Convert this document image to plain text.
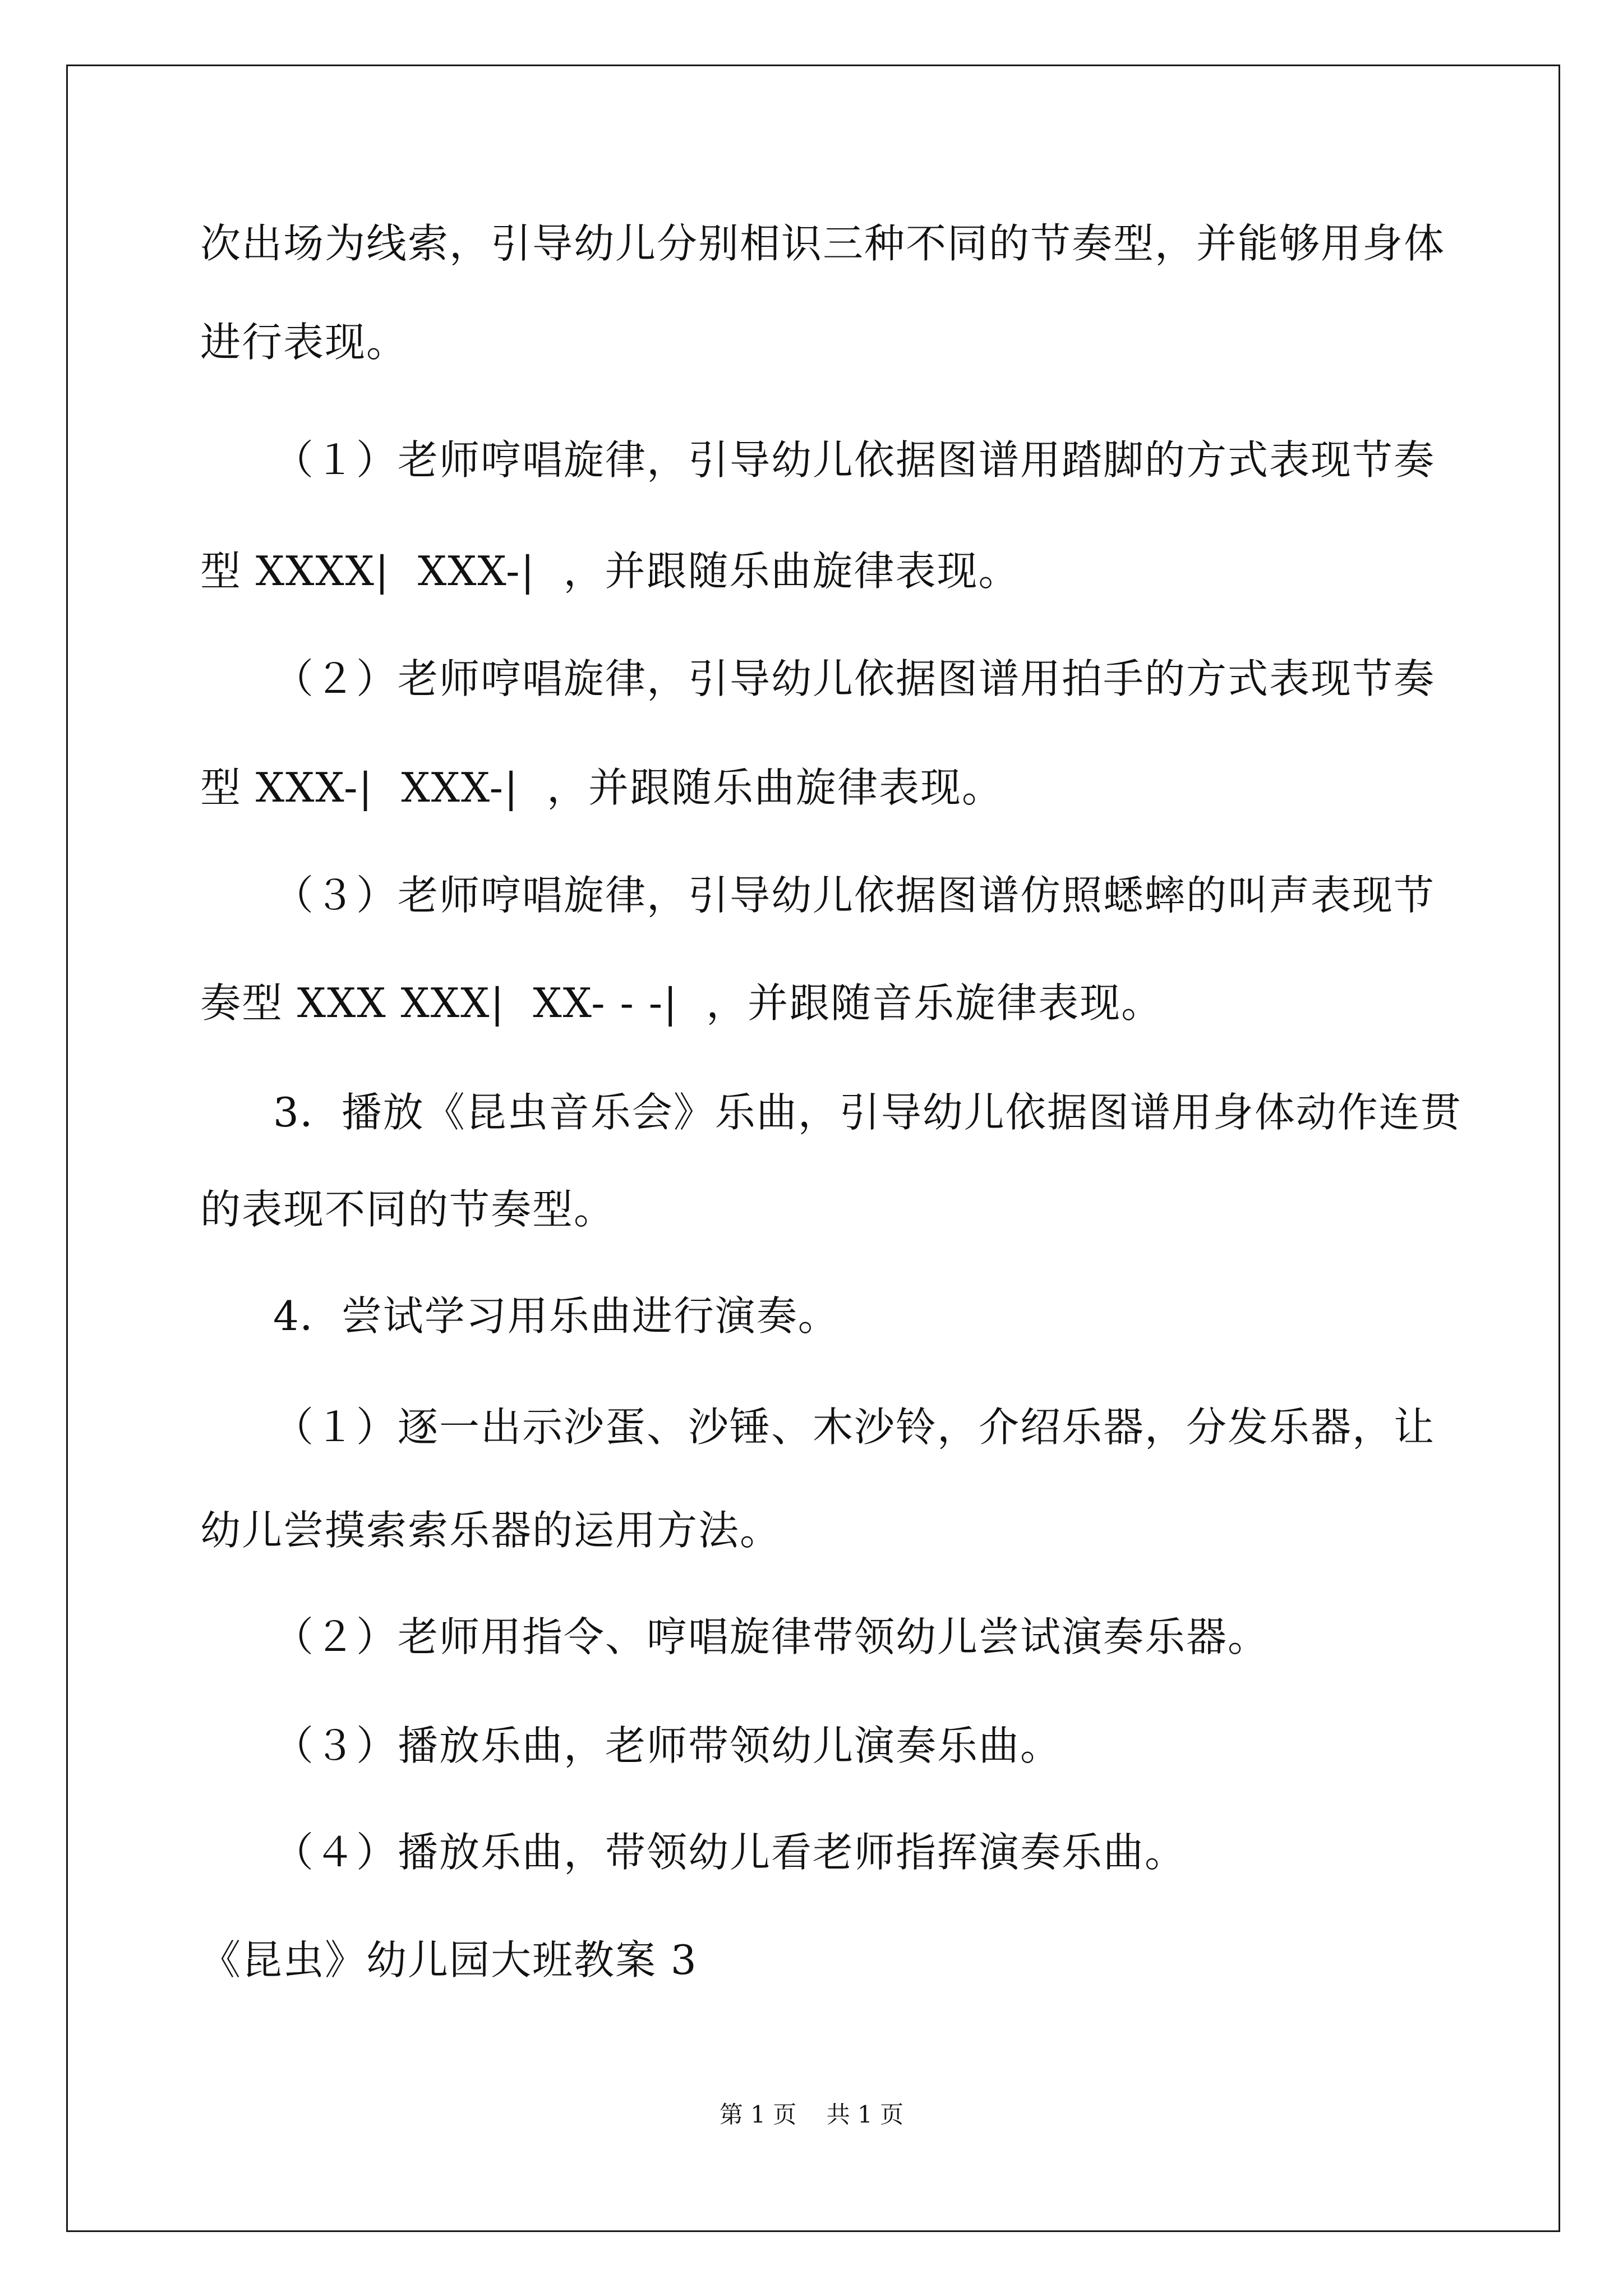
次出场为线索，引导幼儿分别相识三种不同的节奏型，并能够用身体
进行表现。
（１）老师哼唱旋律，引导幼儿依据图谱用踏脚的方式表现节奏
型 XXXX|  XXX-|  ，并跟随乐曲旋律表现。
（２）老师哼唱旋律，引导幼儿依据图谱用拍手的方式表现节奏
型 XXX-|  XXX-|  ，并跟随乐曲旋律表现。
（３）老师哼唱旋律，引导幼儿依据图谱仿照蟋蟀的叫声表现节
奏型 XXX XXX|  XX- - -|  ，并跟随音乐旋律表现。
3．播放《昆虫音乐会》乐曲，引导幼儿依据图谱用身体动作连贯
的表现不同的节奏型。
4．尝试学习用乐曲进行演奏。
（１）逐一出示沙蛋、沙锤、木沙铃，介绍乐器，分发乐器，让
幼儿尝摸索索乐器的运用方法。
（２）老师用指令、哼唱旋律带领幼儿尝试演奏乐器。
（３）播放乐曲，老师带领幼儿演奏乐曲。
（４）播放乐曲，带领幼儿看老师指挥演奏乐曲。
《昆虫》幼儿园大班教案 3
第 1 页    共 1 页
